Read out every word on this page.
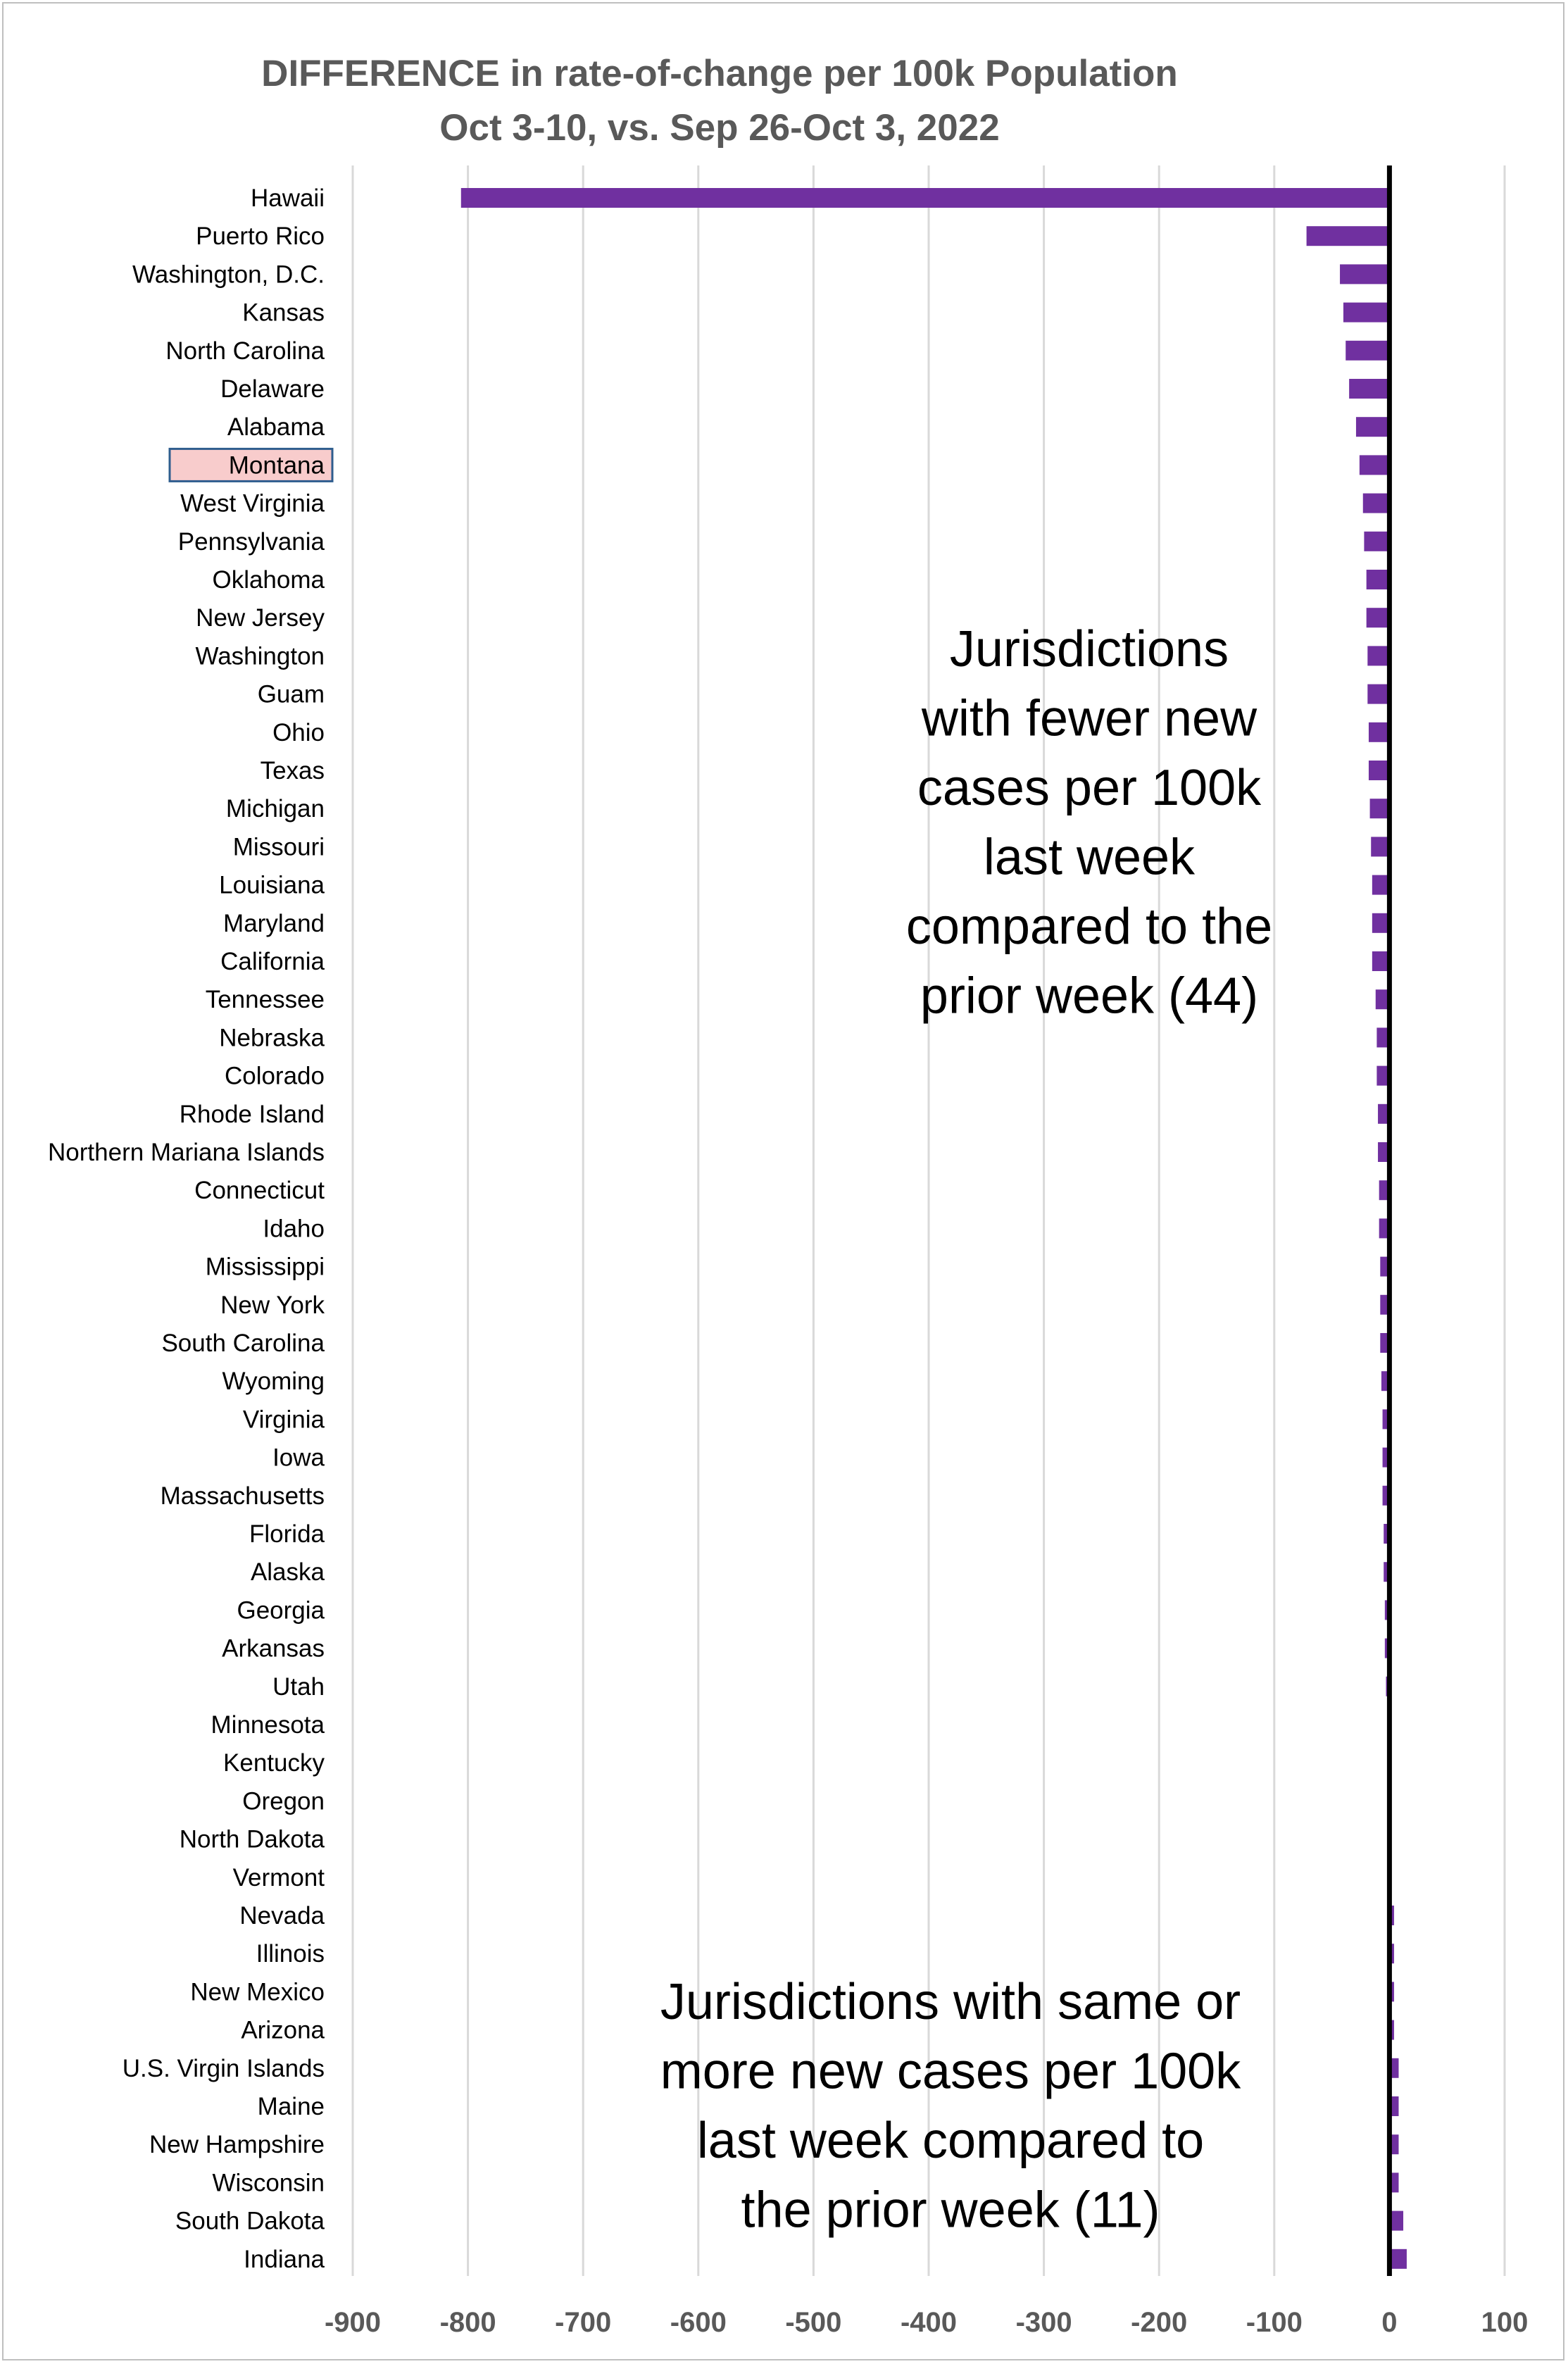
Hawaii
Puerto Rico
Washington, D.C.
Kansas
North Carolina
Delaware
Alabama
Montana
West Virginia
Pennsylvania
Oklahoma
New Jersey
Washington
Guam
Ohio
Texas
Michigan
Missouri
Louisiana
Maryland
California
Tennessee
Nebraska
Colorado
Rhode Island
Northern Mariana Islands
Connecticut
Idaho
Mississippi
New York
South Carolina
Wyoming
Virginia
Iowa
Massachusetts
Florida
Alaska
Georgia
Arkansas
Utah
Minnesota
Kentucky
Oregon
North Dakota
Vermont
Nevada
Illinois
New Mexico
Arizona
U.S. Virgin Islands
Maine
New Hampshire
Wisconsin
South Dakota
Indiana
-900 -800 -700 -600 -500 -400 -300 -200 -100	0	100
DIFFERENCE in rate-of-change per 100k Population
Oct 3-10, vs. Sep 26-Oct 3, 2022
Jurisdictions
with fewer new
cases per 100k
last week
compared to the
prior week (44)
Jurisdictions with same or
more new cases per 100k
last week compared to
the prior week (11)
